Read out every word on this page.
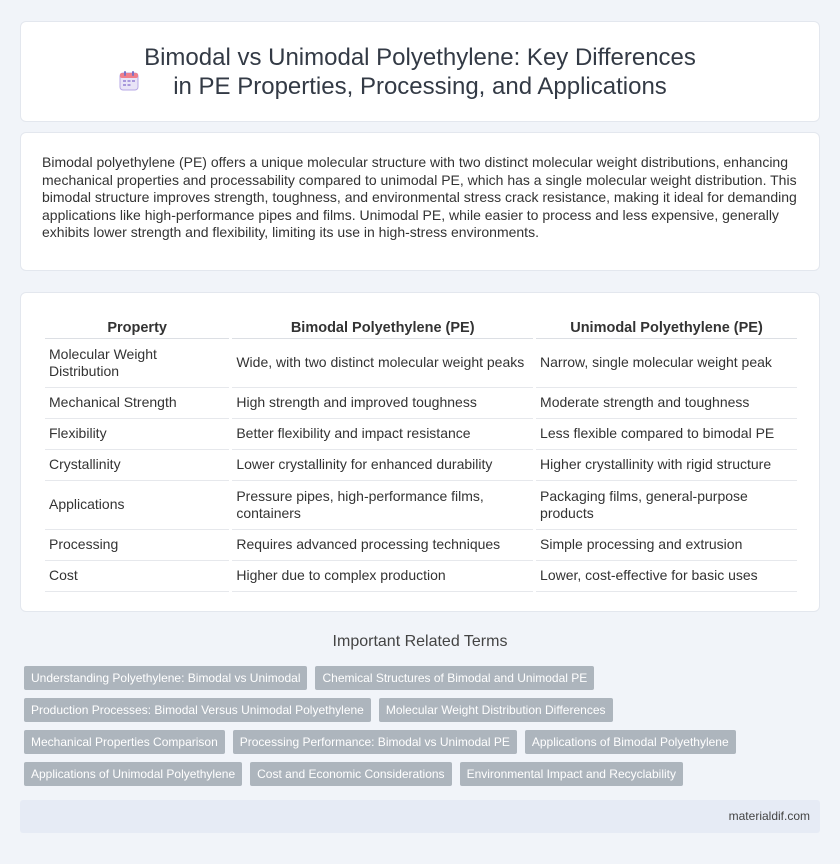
Bimodal vs Unimodal Polyethylene: Key Differences in PE Properties, Processing, and Applications

Bimodal polyethylene (PE) offers a unique molecular structure with two distinct molecular weight distributions, enhancing mechanical properties and processability compared to unimodal PE, which has a single molecular weight distribution. This bimodal structure improves strength, toughness, and environmental stress crack resistance, making it ideal for demanding applications like high-performance pipes and films. Unimodal PE, while easier to process and less expensive, generally exhibits lower strength and flexibility, limiting its use in high-stress environments.

Property	Bimodal Polyethylene (PE)	Unimodal Polyethylene (PE)
Molecular Weight Distribution	Wide, with two distinct molecular weight peaks	Narrow, single molecular weight peak
Mechanical Strength	High strength and improved toughness	Moderate strength and toughness
Flexibility	Better flexibility and impact resistance	Less flexible compared to bimodal PE
Crystallinity	Lower crystallinity for enhanced durability	Higher crystallinity with rigid structure
Applications	Pressure pipes, high-performance films, containers	Packaging films, general-purpose products
Processing	Requires advanced processing techniques	Simple processing and extrusion
Cost	Higher due to complex production	Lower, cost-effective for basic uses
Important Related Terms
Understanding Polyethylene: Bimodal vs Unimodal	Chemical Structures of Bimodal and Unimodal PE
Production Processes: Bimodal Versus Unimodal Polyethylene	Molecular Weight Distribution Differences
Mechanical Properties Comparison	Processing Performance: Bimodal vs Unimodal PE	Applications of Bimodal Polyethylene
Applications of Unimodal Polyethylene	Cost and Economic Considerations	Environmental Impact and Recyclability
materialdif.com
